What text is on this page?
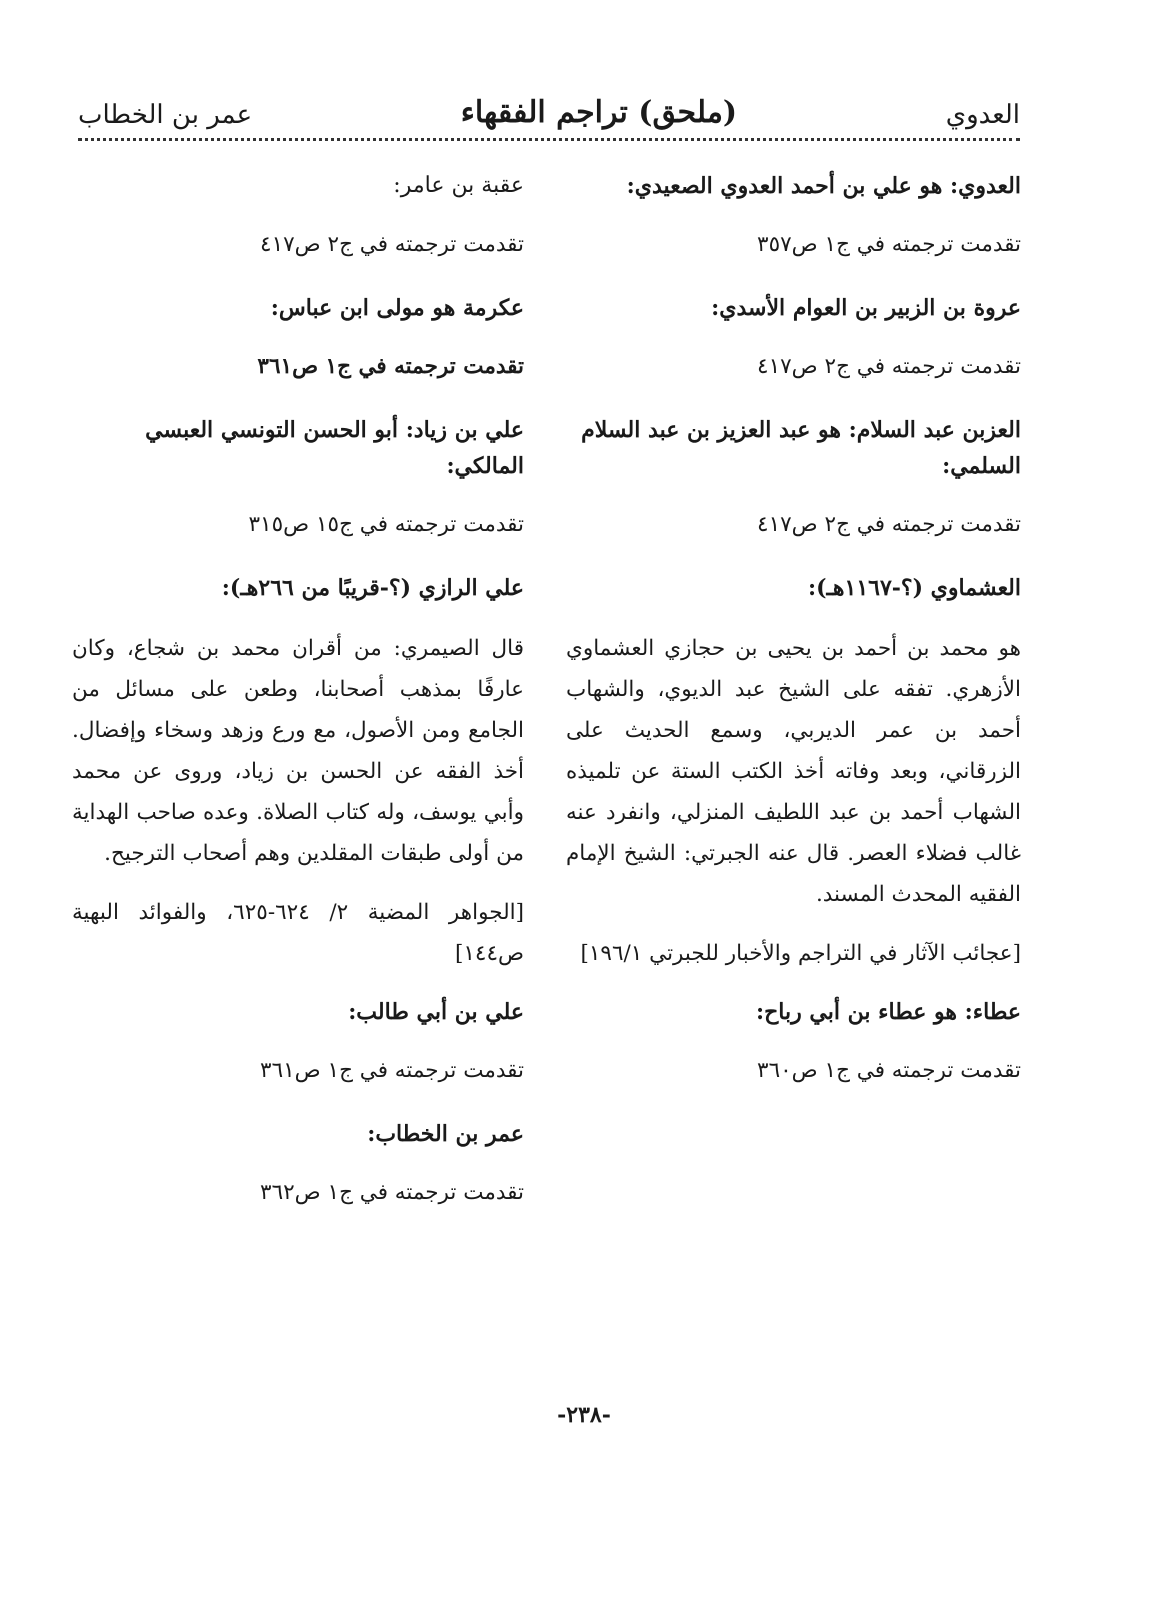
العدوي
(ملحق) تراجم الفقهاء
عمر بن الخطاب

العدوي: هو علي بن أحمد العدوي الصعيدي:

تقدمت ترجمته في ج١ ص٣٥٧

عروة بن الزبير بن العوام الأسدي:

تقدمت ترجمته في ج٢ ص٤١٧

العزبن عبد السلام: هو عبد العزيز بن عبد السلام السلمي:

تقدمت ترجمته في ج٢ ص٤١٧

العشماوي (؟-١١٦٧هـ):

هو محمد بن أحمد بن يحيى بن حجازي العشماوي الأزهري. تفقه على الشيخ عبد الديوي، والشهاب أحمد بن عمر الديربي، وسمع الحديث على الزرقاني، وبعد وفاته أخذ الكتب الستة عن تلميذه الشهاب أحمد بن عبد اللطيف المنزلي، وانفرد عنه غالب فضلاء العصر. قال عنه الجبرتي: الشيخ الإمام الفقيه المحدث المسند.

[عجائب الآثار في التراجم والأخبار للجبرتي ١٩٦/١]

عطاء: هو عطاء بن أبي رباح:

تقدمت ترجمته في ج١ ص٣٦٠

عقبة بن عامر:

تقدمت ترجمته في ج٢ ص٤١٧

عكرمة هو مولى ابن عباس:

تقدمت ترجمته في ج١ ص٣٦١

علي بن زياد: أبو الحسن التونسي العبسي المالكي:

تقدمت ترجمته في ج١٥ ص٣١٥

علي الرازي (؟-قريبًا من ٢٦٦هـ):

قال الصيمري: من أقران محمد بن شجاع، وكان عارفًا بمذهب أصحابنا، وطعن على مسائل من الجامع ومن الأصول، مع ورع وزهد وسخاء وإفضال. أخذ الفقه عن الحسن بن زياد، وروى عن محمد وأبي يوسف، وله كتاب الصلاة. وعده صاحب الهداية من أولى طبقات المقلدين وهم أصحاب الترجيح.

[الجواهر المضية ٢/ ٦٢٤-٦٢٥، والفوائد البهية ص١٤٤]

علي بن أبي طالب:

تقدمت ترجمته في ج١ ص٣٦١

عمر بن الخطاب:

تقدمت ترجمته في ج١ ص٣٦٢

-٢٣٨-
